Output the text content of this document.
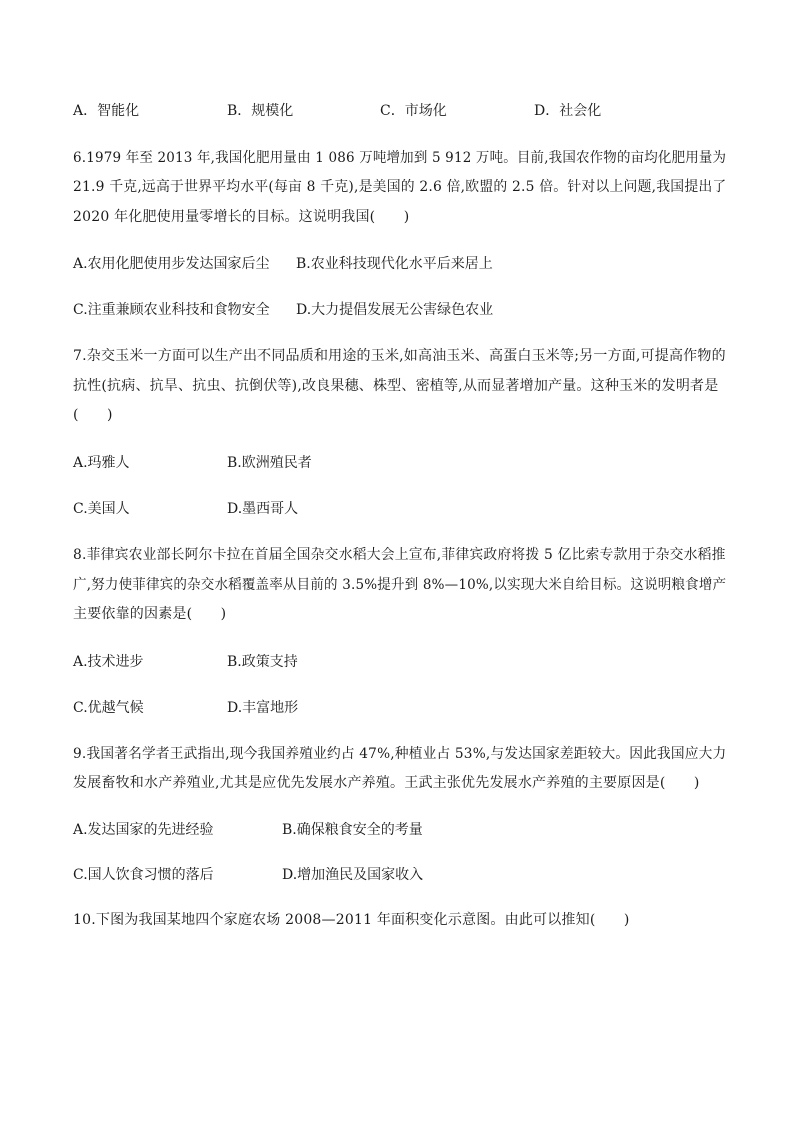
A．智能化	B．规模化	C．市场化	D．社会化
6.1979 年至 2013 年,我国化肥用量由 1 086 万吨增加到 5 912 万吨。目前,我国农作物的亩均化肥用量为
21.9 千克,远高于世界平均水平(每亩 8 千克),是美国的 2.6 倍,欧盟的 2.5 倍。针对以上问题,我国提出了
2020 年化肥使用量零增长的目标。这说明我国(　　)
A.农用化肥使用步发达国家后尘 B.农业科技现代化水平后来居上
C.注重兼顾农业科技和食物安全 D.大力提倡发展无公害绿色农业
7.杂交玉米一方面可以生产出不同品质和用途的玉米,如高油玉米、高蛋白玉米等;另一方面,可提高作物的
抗性(抗病、抗旱、抗虫、抗倒伏等),改良果穗、株型、密植等,从而显著增加产量。这种玉米的发明者是
(　　)
A.玛雅人	B.欧洲殖民者
C.美国人	D.墨西哥人
8.菲律宾农业部长阿尔卡拉在首届全国杂交水稻大会上宣布,菲律宾政府将拨 5 亿比索专款用于杂交水稻推
广,努力使菲律宾的杂交水稻覆盖率从目前的 3.5%提升到 8%—10%,以实现大米自给目标。这说明粮食增产
主要依靠的因素是(　　)
A.技术进步	B.政策支持
C.优越气候	D.丰富地形
9.我国著名学者王武指出,现今我国养殖业约占 47%,种植业占 53%,与发达国家差距较大。因此我国应大力
发展畜牧和水产养殖业,尤其是应优先发展水产养殖。王武主张优先发展水产养殖的主要原因是(　　)
A.发达国家的先进经验	B.确保粮食安全的考量
C.国人饮食习惯的落后	D.增加渔民及国家收入
10.下图为我国某地四个家庭农场 2008—2011 年面积变化示意图。由此可以推知(　　)
